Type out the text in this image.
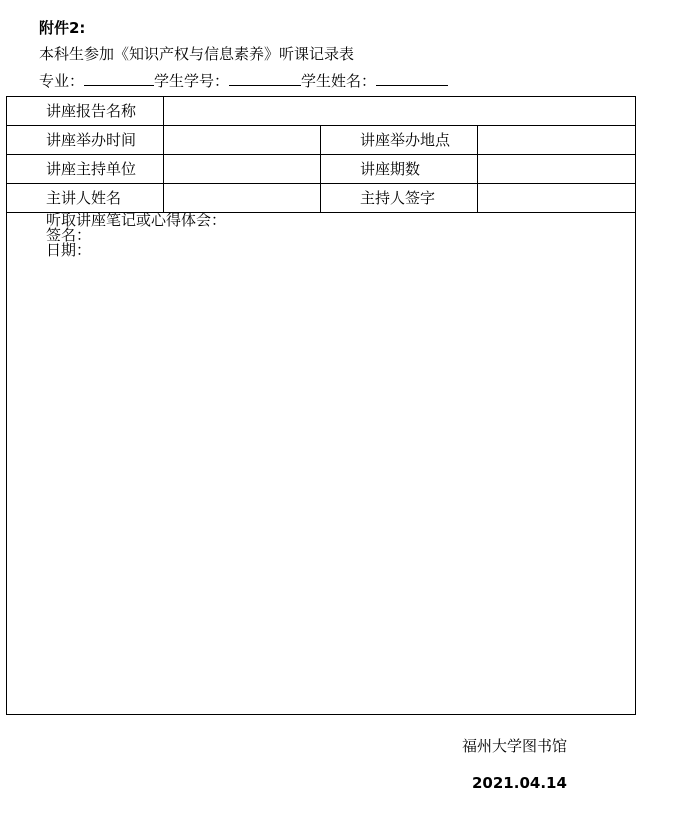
附件2:
本科生参加《知识产权与信息素养》听课记录表
专业：	学生学号：	学生姓名：
讲座报告名称			
讲座举办时间		讲座举办地点	
讲座主持单位		讲座期数	
主讲人姓名		主持人签字	

听取讲座笔记或心得体会：
签名：
日期：			
福州大学图书馆
2021.04.14
